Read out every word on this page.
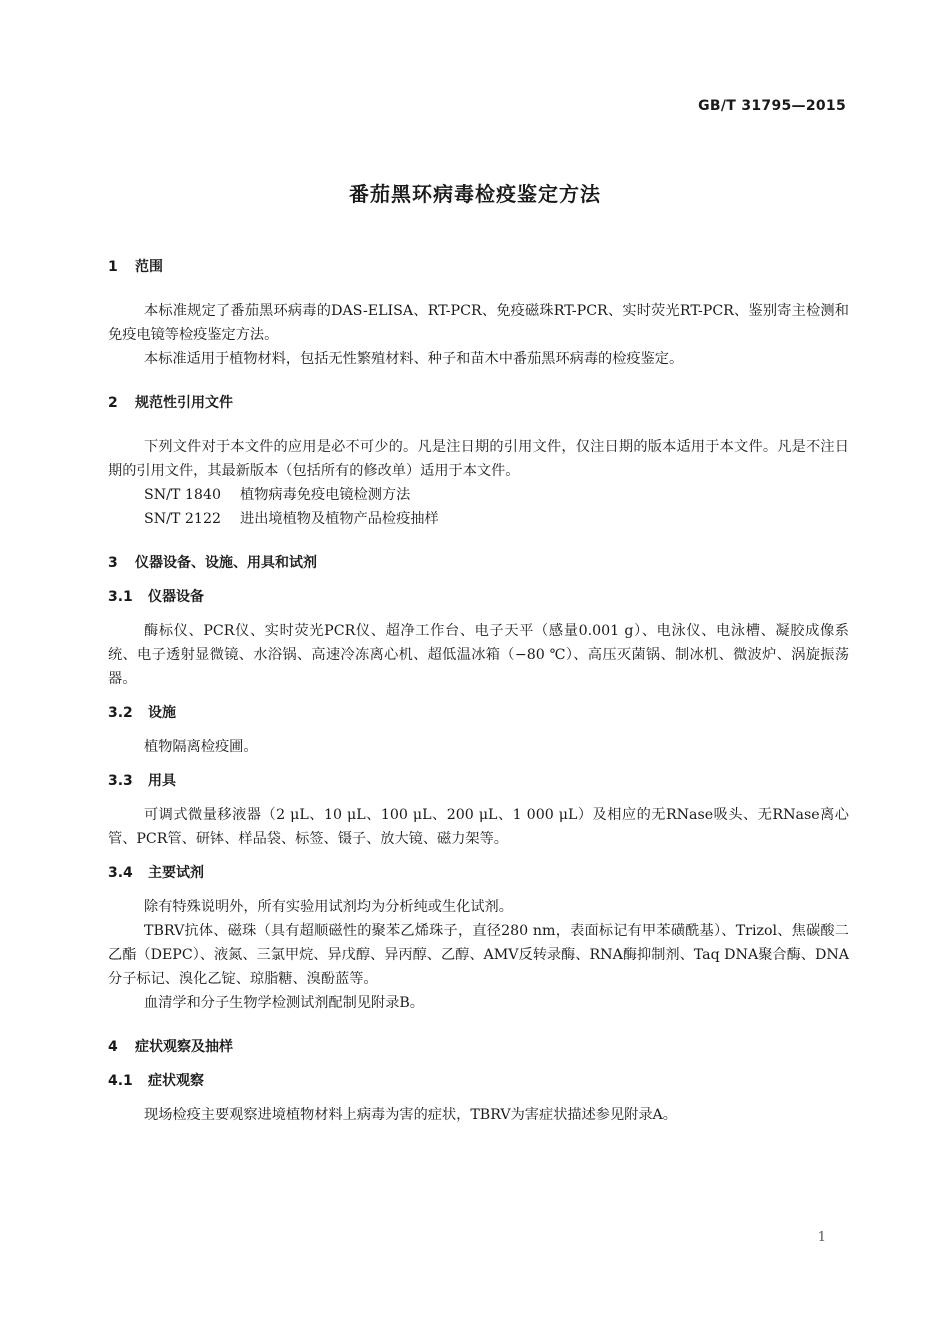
GB/T 31795—2015
番茄黑环病毒检疫鉴定方法
1 范围

本标准规定了番茄黑环病毒的DAS-ELISA、RT-PCR、免疫磁珠RT-PCR、实时荧光RT-PCR、鉴别寄主检测和免疫电镜等检疫鉴定方法。

本标准适用于植物材料，包括无性繁殖材料、种子和苗木中番茄黑环病毒的检疫鉴定。

2 规范性引用文件

下列文件对于本文件的应用是必不可少的。凡是注日期的引用文件，仅注日期的版本适用于本文件。凡是不注日期的引用文件，其最新版本（包括所有的修改单）适用于本文件。

SN/T 1840 植物病毒免疫电镜检测方法

SN/T 2122 进出境植物及植物产品检疫抽样

3 仪器设备、设施、用具和试剂
3.1 仪器设备

酶标仪、PCR仪、实时荧光PCR仪、超净工作台、电子天平（感量0.001 g）、电泳仪、电泳槽、凝胶成像系统、电子透射显微镜、水浴锅、高速冷冻离心机、超低温冰箱（−80 ℃）、高压灭菌锅、制冰机、微波炉、涡旋振荡器。

3.2 设施

植物隔离检疫圃。

3.3 用具

可调式微量移液器（2 μL、10 μL、100 μL、200 μL、1 000 μL）及相应的无RNase吸头、无RNase离心管、PCR管、研钵、样品袋、标签、镊子、放大镜、磁力架等。

3.4 主要试剂

除有特殊说明外，所有实验用试剂均为分析纯或生化试剂。

TBRV抗体、磁珠（具有超顺磁性的聚苯乙烯珠子，直径280 nm，表面标记有甲苯磺酰基）、Trizol、焦碳酸二乙酯（DEPC）、液氮、三氯甲烷、异戊醇、异丙醇、乙醇、AMV反转录酶、RNA酶抑制剂、Taq DNA聚合酶、DNA分子标记、溴化乙锭、琼脂糖、溴酚蓝等。

血清学和分子生物学检测试剂配制见附录B。

4 症状观察及抽样
4.1 症状观察

现场检疫主要观察进境植物材料上病毒为害的症状，TBRV为害症状描述参见附录A。

1
